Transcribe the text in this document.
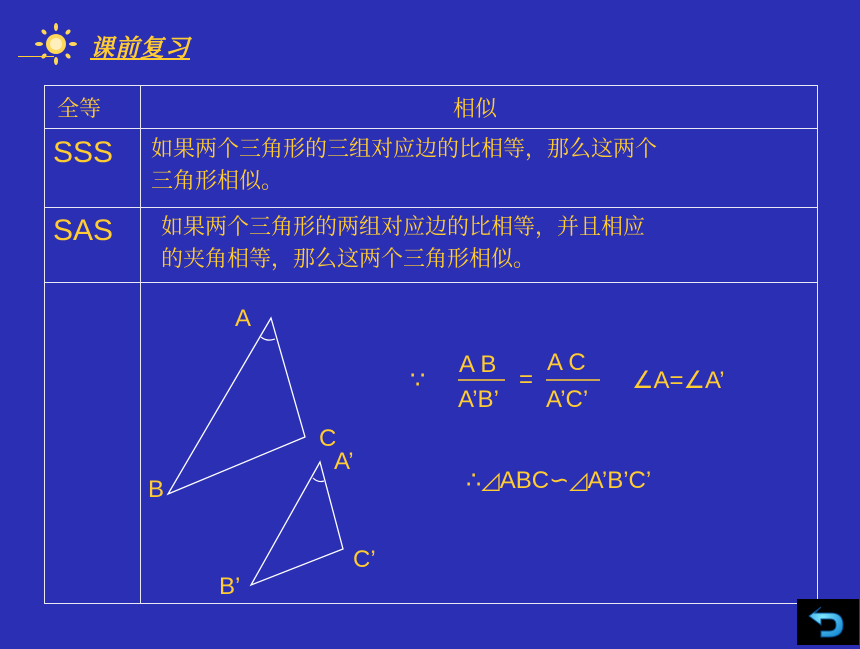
课前复习
全等	相似
SSS 如果两个三角形的三组对应边的比相等，那么这两个
三角形相似。
SAS 如果两个三角形的两组对应边的比相等，并且相应
的夹角相等，那么这两个三角形相似。
A
B
C
A’
B’
C’
∵
A B
A’B’
=
A C
A’C’
∠A=∠A’
∴◿ABC∽◿A’B’C’
